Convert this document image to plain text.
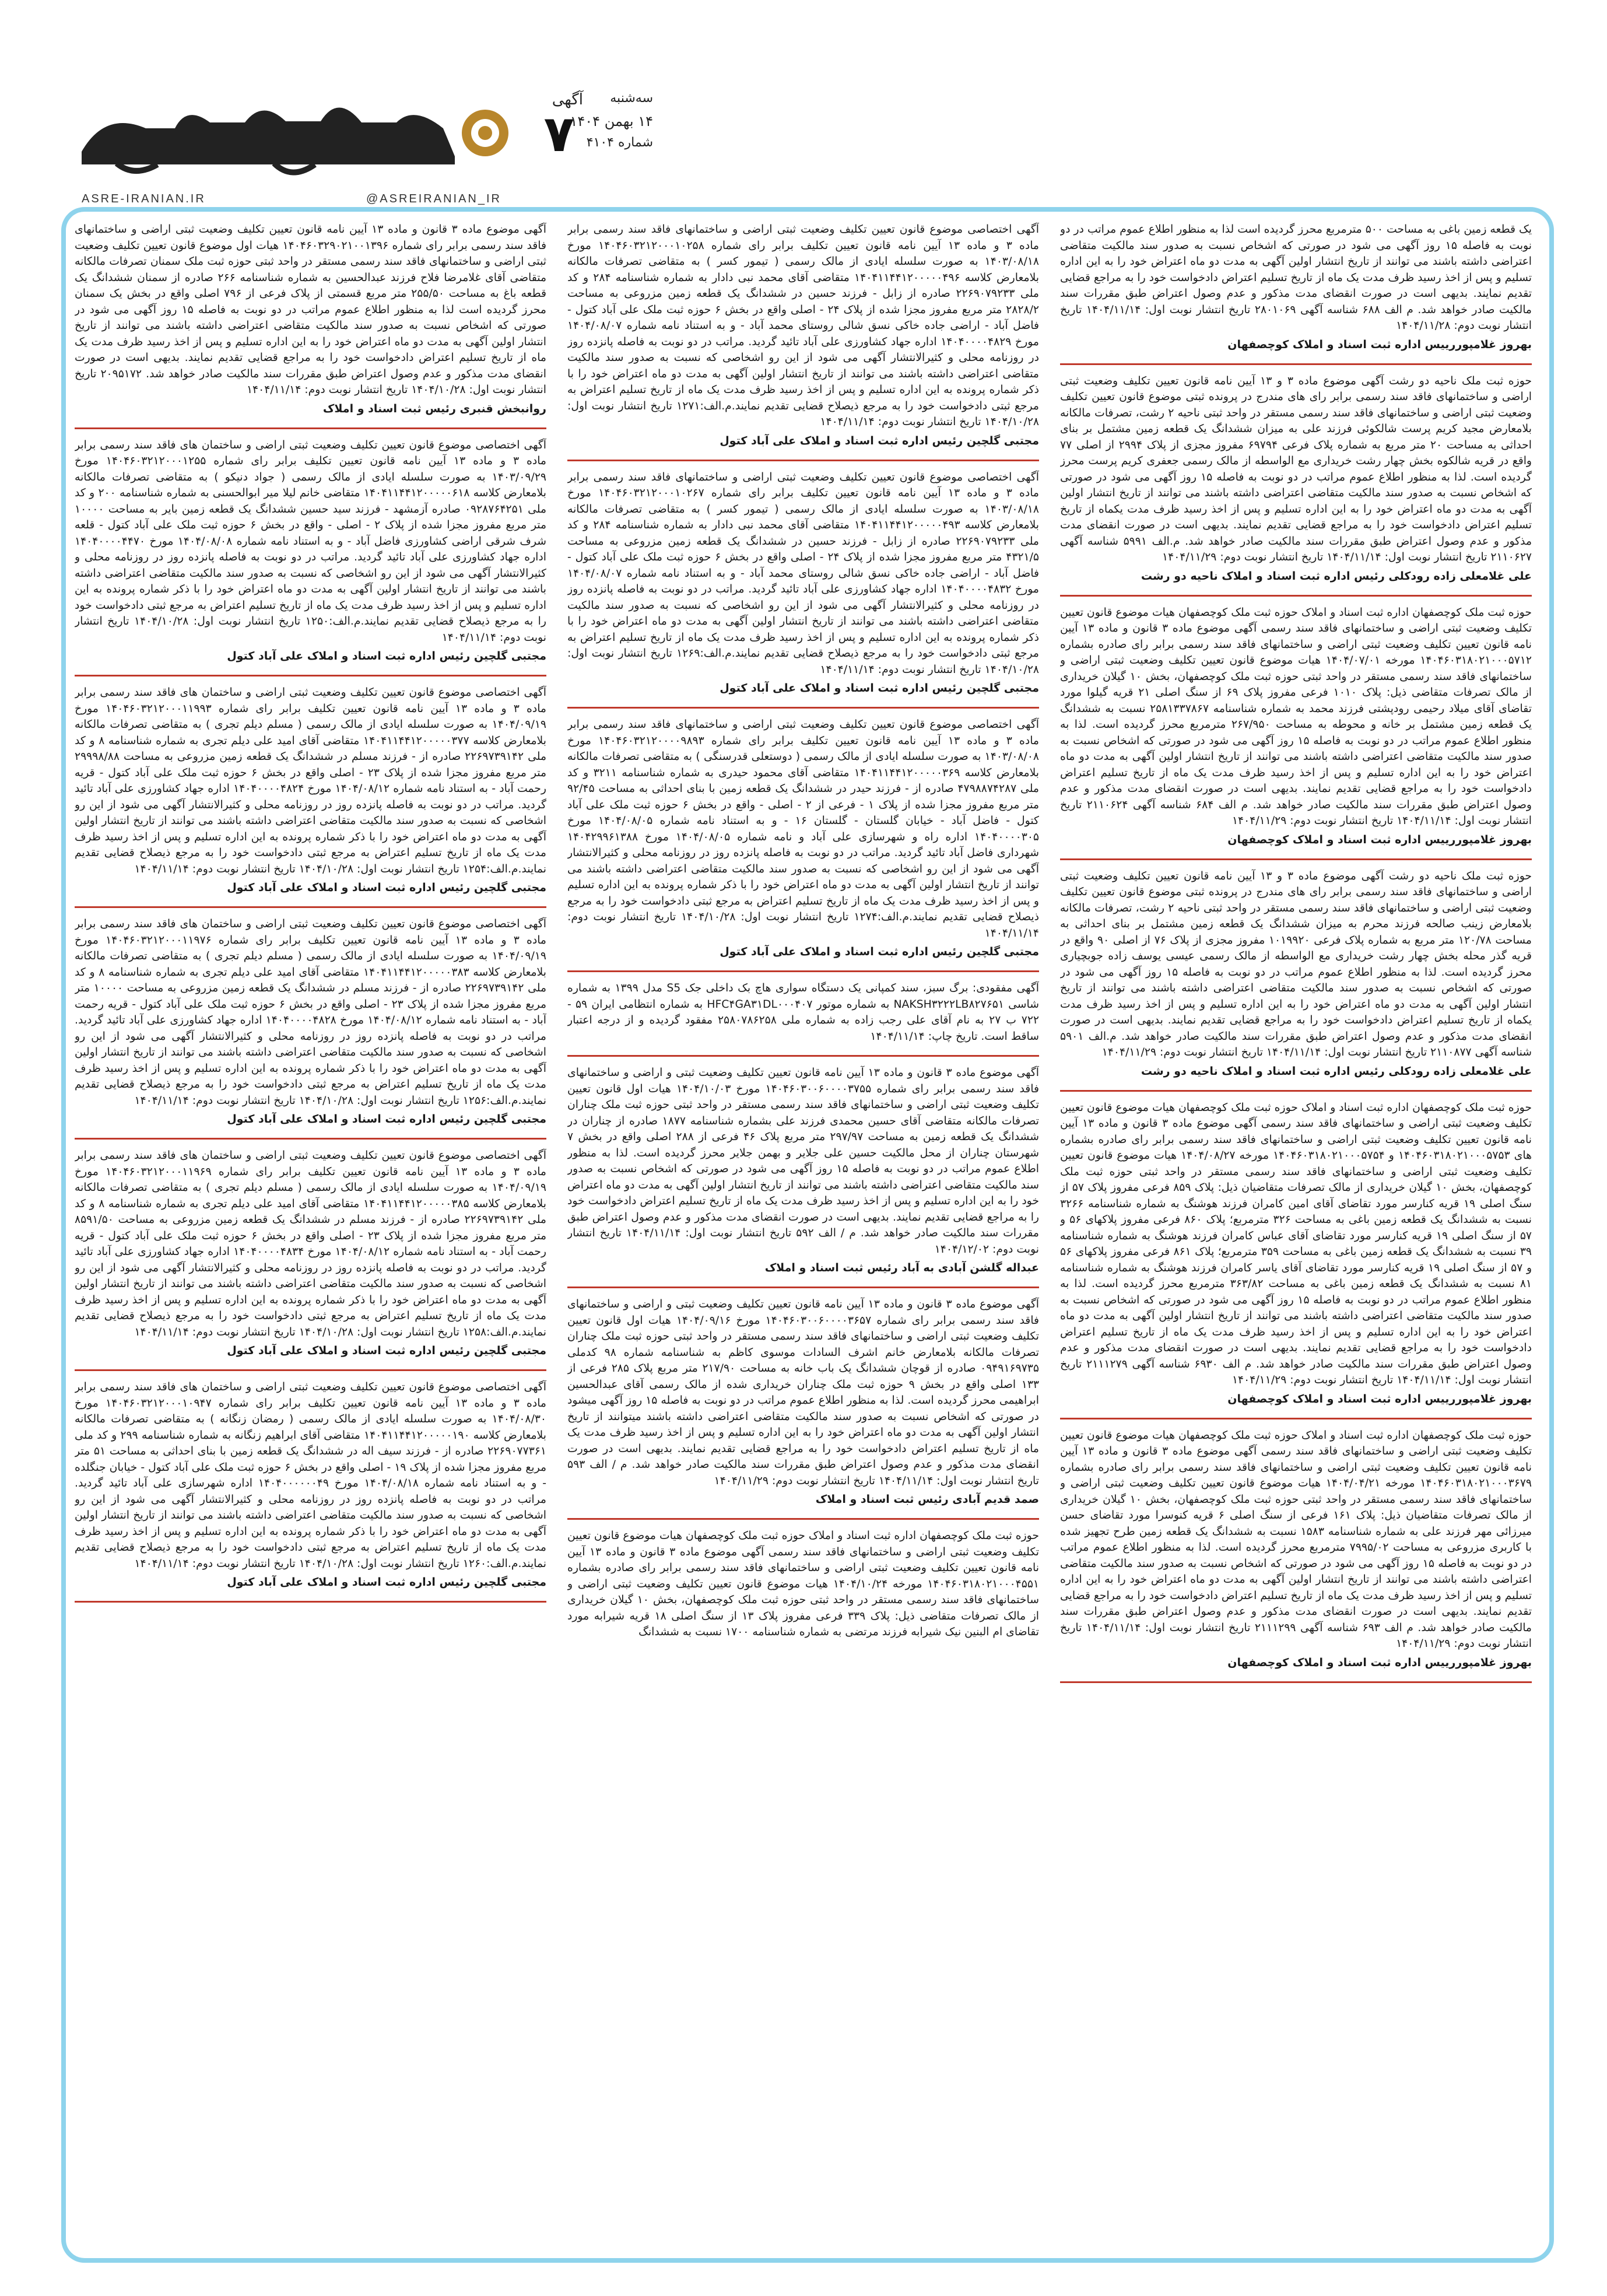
ASRE-IRANIAN.IR	@ASREIRANIAN_IR
۷
آگهی سه‌شنبه
۱۴ بهمن ۱۴۰۴
شماره ۴۱۰۴

آگهی موضوع ماده ۳ قانون و ماده ۱۳ آیین نامه قانون تعیین تکلیف وضعیت ثبتی اراضی و ساختمانهای فاقد سند رسمی برابر رای شماره ۱۴۰۴۶۰۳۲۹۰۲۱۰۰۱۳۹۶ هیات اول موضوع قانون تعیین تکلیف وضعیت ثبتی اراضی و ساختمانهای فاقد سند رسمی مستقر در واحد ثبتی حوزه ثبت ملک سمنان تصرفات مالکانه متقاضی آقای غلامرضا فلاح فرزند عبدالحسین به شماره شناسنامه ۲۶۶ صادره از سمنان ششدانگ یک قطعه باغ به مساحت ۲۵۵/۵۰ متر مربع قسمتی از پلاک فرعی از ۷۹۶ اصلی واقع در بخش یک سمنان محرز گردیده است لذا به منظور اطلاع عموم مراتب در دو نوبت به فاصله ۱۵ روز آگهی می شود در صورتی که اشخاص نسبت به صدور سند مالکیت متقاضی اعتراضی داشته باشند می توانند از تاریخ انتشار اولین آگهی به مدت دو ماه اعتراض خود را به این اداره تسلیم و پس از اخذ رسید ظرف مدت یک ماه از تاریخ تسلیم اعتراض دادخواست خود را به مراجع قضایی تقدیم نمایند. بدیهی است در صورت انقضای مدت مذکور و عدم وصول اعتراض طبق مقررات سند مالکیت صادر خواهد شد. ۲۰۹۵۱۷۲ تاریخ انتشار نوبت اول: ۱۴۰۴/۱۰/۲۸ تاریخ انتشار نوبت دوم: ۱۴۰۴/۱۱/۱۴

روانبخش قنبری رئیس ثبت اسناد و املاک

آگهی اختصاصی موضوع قانون تعیین تکلیف وضعیت ثبتی اراضی و ساختمان های فاقد سند رسمی برابر ماده ۳ و ماده ۱۳ آیین نامه قانون تعیین تکلیف برابر رای شماره ۱۴۰۴۶۰۳۲۱۲۰۰۰۱۲۵۵ مورخ ۱۴۰۳/۰۹/۲۹ به صورت سلسله ایادی از مالک رسمی ( جواد دنیکو ) به متقاضی تصرفات مالکانه بلامعارض کلاسه ۱۴۰۴۱۱۴۴۱۲۰۰۰۰۰۶۱۸ متقاضی خانم لیلا میر ابوالحسنی به شماره شناسنامه ۲۰۰ و کد ملی ۰۹۲۸۷۶۴۲۵۱ صادره آزمشهد - فرزند سید حسین ششدانگ یک قطعه زمین بایر به مساحت ۱۰۰۰۰ متر مربع مفروز مجزا شده از پلاک ۲ - اصلی - واقع در بخش ۶ حوزه ثبت ملک علی آباد کتول - قلعه شرف شرقی اراضی کشاورزی فاضل آباد - و به استناد نامه شماره ۱۴۰۴/۰۸/۰۸ مورخ ۱۴۰۴۰۰۰۰۴۴۷۰ اداره جهاد کشاورزی علی آباد تائید گردید. مراتب در دو نوبت به فاصله پانزده روز در روزنامه محلی و کثیرالانتشار آگهی می شود از این رو اشخاصی که نسبت به صدور سند مالکیت متقاضی اعتراضی داشته باشند می توانند از تاریخ انتشار اولین آگهی به مدت دو ماه اعتراض خود را با ذکر شماره پرونده به این اداره تسلیم و پس از اخذ رسید ظرف مدت یک ماه از تاریخ تسلیم اعتراض به مرجع ثبتی دادخواست خود را به مرجع ذیصلاح قضایی تقدیم نمایند.م.الف:۱۲۵۰ تاریخ انتشار نوبت اول: ۱۴۰۴/۱۰/۲۸ تاریخ انتشار نوبت دوم: ۱۴۰۴/۱۱/۱۴

مجتبی گلچین رئیس اداره ثبت اسناد و املاک علی آباد کتول

آگهی اختصاصی موضوع قانون تعیین تکلیف وضعیت ثبتی اراضی و ساختمان های فاقد سند رسمی برابر ماده ۳ و ماده ۱۳ آیین نامه قانون تعیین تکلیف برابر رای شماره ۱۴۰۴۶۰۳۲۱۲۰۰۰۱۱۹۹۳ مورخ ۱۴۰۴/۰۹/۱۹ به صورت سلسله ایادی از مالک رسمی ( مسلم دیلم تجری ) به متقاضی تصرفات مالکانه بلامعارض کلاسه ۱۴۰۴۱۱۴۴۱۲۰۰۰۰۰۳۷۷ متقاضی آقای امید علی دیلم تجری به شماره شناسنامه ۸ و کد ملی ۲۲۶۹۷۳۹۱۴۲ صادره از - فرزند مسلم در ششدانگ یک قطعه زمین مزروعی به مساحت ۲۹۹۹۸/۸۸ متر مربع مفروز مجزا شده از پلاک ۲۳ - اصلی واقع در بخش ۶ حوزه ثبت ملک علی آباد کتول - قریه رحمت آباد - به استناد نامه شماره ۱۴۰۴/۰۸/۱۲ مورخ ۱۴۰۴۰۰۰۰۴۸۲۴ اداره جهاد کشاورزی علی آباد تائید گردید. مراتب در دو نوبت به فاصله پانزده روز در روزنامه محلی و کثیرالانتشار آگهی می شود از این رو اشخاصی که نسبت به صدور سند مالکیت متقاضی اعتراضی داشته باشند می توانند از تاریخ انتشار اولین آگهی به مدت دو ماه اعتراض خود را با ذکر شماره پرونده به این اداره تسلیم و پس از اخذ رسید ظرف مدت یک ماه از تاریخ تسلیم اعتراض به مرجع ثبتی دادخواست خود را به مرجع ذیصلاح قضایی تقدیم نمایند.م.الف:۱۲۵۴ تاریخ انتشار نوبت اول: ۱۴۰۴/۱۰/۲۸ تاریخ انتشار نوبت دوم: ۱۴۰۴/۱۱/۱۴

مجتبی گلچین رئیس اداره ثبت اسناد و املاک علی آباد کتول

آگهی اختصاصی موضوع قانون تعیین تکلیف وضعیت ثبتی اراضی و ساختمان های فاقد سند رسمی برابر ماده ۳ و ماده ۱۳ آیین نامه قانون تعیین تکلیف برابر رای شماره ۱۴۰۴۶۰۳۲۱۲۰۰۰۱۱۹۷۶ مورخ ۱۴۰۴/۰۹/۱۹ به صورت سلسله ایادی از مالک رسمی ( مسلم دیلم تجری ) به متقاضی تصرفات مالکانه بلامعارض کلاسه ۱۴۰۴۱۱۴۴۱۲۰۰۰۰۰۳۸۳ متقاضی آقای امید علی دیلم تجری به شماره شناسنامه ۸ و کد ملی ۲۲۶۹۷۳۹۱۴۲ صادره از - فرزند مسلم در ششدانگ یک قطعه زمین مزروعی به مساحت ۱۰۰۰۰ متر مربع مفروز مجزا شده از پلاک ۲۳ - اصلی واقع در بخش ۶ حوزه ثبت ملک علی آباد کتول - قریه رحمت آباد - به استناد نامه شماره ۱۴۰۴/۰۸/۱۲ مورخ ۱۴۰۴۰۰۰۰۴۸۲۸ اداره جهاد کشاورزی علی آباد تائید گردید. مراتب در دو نوبت به فاصله پانزده روز در روزنامه محلی و کثیرالانتشار آگهی می شود از این رو اشخاصی که نسبت به صدور سند مالکیت متقاضی اعتراضی داشته باشند می توانند از تاریخ انتشار اولین آگهی به مدت دو ماه اعتراض خود را با ذکر شماره پرونده به این اداره تسلیم و پس از اخذ رسید ظرف مدت یک ماه از تاریخ تسلیم اعتراض به مرجع ثبتی دادخواست خود را به مرجع ذیصلاح قضایی تقدیم نمایند.م.الف:۱۲۵۶ تاریخ انتشار نوبت اول: ۱۴۰۴/۱۰/۲۸ تاریخ انتشار نوبت دوم: ۱۴۰۴/۱۱/۱۴

مجتبی گلچین رئیس اداره ثبت اسناد و املاک علی آباد کتول

آگهی اختصاصی موضوع قانون تعیین تکلیف وضعیت ثبتی اراضی و ساختمان های فاقد سند رسمی برابر ماده ۳ و ماده ۱۳ آیین نامه قانون تعیین تکلیف برابر رای شماره ۱۴۰۴۶۰۳۲۱۲۰۰۰۱۱۹۶۹ مورخ ۱۴۰۴/۰۹/۱۹ به صورت سلسله ایادی از مالک رسمی ( مسلم دیلم تجری ) به متقاضی تصرفات مالکانه بلامعارض کلاسه ۱۴۰۴۱۱۴۴۱۲۰۰۰۰۰۳۸۵ متقاضی آقای امید علی دیلم تجری به شماره شناسنامه ۸ و کد ملی ۲۲۶۹۷۳۹۱۴۲ صادره از - فرزند مسلم در ششدانگ یک قطعه زمین مزروعی به مساحت ۸۵۹۱/۵۰ متر مربع مفروز مجزا شده از پلاک ۲۳ - اصلی واقع در بخش ۶ حوزه ثبت ملک علی آباد کتول - قریه رحمت آباد - به استناد نامه شماره ۱۴۰۴/۰۸/۱۲ مورخ ۱۴۰۴۰۰۰۰۴۸۳۴ اداره جهاد کشاورزی علی آباد تائید گردید. مراتب در دو نوبت به فاصله پانزده روز در روزنامه محلی و کثیرالانتشار آگهی می شود از این رو اشخاصی که نسبت به صدور سند مالکیت متقاضی اعتراضی داشته باشند می توانند از تاریخ انتشار اولین آگهی به مدت دو ماه اعتراض خود را با ذکر شماره پرونده به این اداره تسلیم و پس از اخذ رسید ظرف مدت یک ماه از تاریخ تسلیم اعتراض به مرجع ثبتی دادخواست خود را به مرجع ذیصلاح قضایی تقدیم نمایند.م.الف:۱۲۵۸ تاریخ انتشار نوبت اول: ۱۴۰۴/۱۰/۲۸ تاریخ انتشار نوبت دوم: ۱۴۰۴/۱۱/۱۴

مجتبی گلچین رئیس اداره ثبت اسناد و املاک علی آباد کتول

آگهی اختصاصی موضوع قانون تعیین تکلیف وضعیت ثبتی اراضی و ساختمان های فاقد سند رسمی برابر ماده ۳ و ماده ۱۳ آیین نامه قانون تعیین تکلیف برابر رای شماره ۱۴۰۴۶۰۳۲۱۲۰۰۰۱۰۹۴۷ مورخ ۱۴۰۴/۰۸/۳۰ به صورت سلسله ایادی از مالک رسمی ( رمضان زنگانه ) به متقاضی تصرفات مالکانه بلامعارض کلاسه ۱۴۰۴۱۱۴۴۱۲۰۰۰۰۰۱۹۰ متقاضی آقای ابراهیم زنگانه به شماره شناسنامه ۲۹۹ و کد ملی ۲۲۶۹۰۷۷۳۶۱ صادره از - فرزند سیف اله در ششدانگ یک قطعه زمین با بنای احداثی به مساحت ۵۱ متر مربع مفروز مجزا شده از پلاک ۱۹ - اصلی واقع در بخش ۶ حوزه ثبت ملک علی آباد کتول - خیابان جنگلده - و به استناد نامه شماره ۱۴۰۴/۰۸/۱۸ مورخ ۱۴۰۴۰۰۰۰۰۰۴۹ اداره شهرسازی علی آباد تائید گردید. مراتب در دو نوبت به فاصله پانزده روز در روزنامه محلی و کثیرالانتشار آگهی می شود از این رو اشخاصی که نسبت به صدور سند مالکیت متقاضی اعتراضی داشته باشند می توانند از تاریخ انتشار اولین آگهی به مدت دو ماه اعتراض خود را با ذکر شماره پرونده به این اداره تسلیم و پس از اخذ رسید ظرف مدت یک ماه از تاریخ تسلیم اعتراض به مرجع ثبتی دادخواست خود را به مرجع ذیصلاح قضایی تقدیم نمایند.م.الف:۱۲۶۰ تاریخ انتشار نوبت اول: ۱۴۰۴/۱۰/۲۸ تاریخ انتشار نوبت دوم: ۱۴۰۴/۱۱/۱۴

مجتبی گلچین رئیس اداره ثبت اسناد و املاک علی آباد کتول

آگهی اختصاصی موضوع قانون تعیین تکلیف وضعیت ثبتی اراضی و ساختمانهای فاقد سند رسمی برابر ماده ۳ و ماده ۱۳ آیین نامه قانون تعیین تکلیف برابر رای شماره ۱۴۰۴۶۰۳۲۱۲۰۰۰۱۰۲۵۸ مورخ ۱۴۰۳/۰۸/۱۸ به صورت سلسله ایادی از مالک رسمی ( تیمور کسر ) به متقاضی تصرفات مالکانه بلامعارض کلاسه ۱۴۰۴۱۱۴۴۱۲۰۰۰۰۰۴۹۶ متقاضی آقای محمد نبی دادار به شماره شناسنامه ۲۸۴ و کد ملی ۲۲۶۹۰۷۹۲۳۳ صادره از زابل - فرزند حسین در ششدانگ یک قطعه زمین مزروعی به مساحت ۲۸۲۸/۲ متر مربع مفروز مجزا شده از پلاک ۲۴ - اصلی واقع در بخش ۶ حوزه ثبت ملک علی آباد کتول - فاضل آباد - اراضی جاده خاکی نسق شالی روستای محمد آباد - و به استناد نامه شماره ۱۴۰۴/۰۸/۰۷ مورخ ۱۴۰۴۰۰۰۰۴۸۲۹ اداره جهاد کشاورزی علی آباد تائید گردید. مراتب در دو نوبت به فاصله پانزده روز در روزنامه محلی و کثیرالانتشار آگهی می شود از این رو اشخاصی که نسبت به صدور سند مالکیت متقاضی اعتراضی داشته باشند می توانند از تاریخ انتشار اولین آگهی به مدت دو ماه اعتراض خود را با ذکر شماره پرونده به این اداره تسلیم و پس از اخذ رسید ظرف مدت یک ماه از تاریخ تسلیم اعتراض به مرجع ثبتی دادخواست خود را به مرجع ذیصلاح قضایی تقدیم نمایند.م.الف:۱۲۷۱ تاریخ انتشار نوبت اول: ۱۴۰۴/۱۰/۲۸ تاریخ انتشار نوبت دوم: ۱۴۰۴/۱۱/۱۴

مجتبی گلچین رئیس اداره ثبت اسناد و املاک علی آباد کتول

آگهی اختصاصی موضوع قانون تعیین تکلیف وضعیت ثبتی اراضی و ساختمانهای فاقد سند رسمی برابر ماده ۳ و ماده ۱۳ آیین نامه قانون تعیین تکلیف برابر رای شماره ۱۴۰۴۶۰۳۲۱۲۰۰۰۱۰۲۶۷ مورخ ۱۴۰۳/۰۸/۱۸ به صورت سلسله ایادی از مالک رسمی ( تیمور کسر ) به متقاضی تصرفات مالکانه بلامعارض کلاسه ۱۴۰۴۱۱۴۴۱۲۰۰۰۰۰۴۹۳ متقاضی آقای محمد نبی دادار به شماره شناسنامه ۲۸۴ و کد ملی ۲۲۶۹۰۷۹۲۳۳ صادره از زابل - فرزند حسین در ششدانگ یک قطعه زمین مزروعی به مساحت ۴۳۲۱/۵ متر مربع مفروز مجزا شده از پلاک ۲۴ - اصلی واقع در بخش ۶ حوزه ثبت ملک علی آباد کتول - فاضل آباد - اراضی جاده خاکی نسق شالی روستای محمد آباد - و به استناد نامه شماره ۱۴۰۴/۰۸/۰۷ مورخ ۱۴۰۴۰۰۰۰۴۸۳۲ اداره جهاد کشاورزی علی آباد تائید گردید. مراتب در دو نوبت به فاصله پانزده روز در روزنامه محلی و کثیرالانتشار آگهی می شود از این رو اشخاصی که نسبت به صدور سند مالکیت متقاضی اعتراضی داشته باشند می توانند از تاریخ انتشار اولین آگهی به مدت دو ماه اعتراض خود را با ذکر شماره پرونده به این اداره تسلیم و پس از اخذ رسید ظرف مدت یک ماه از تاریخ تسلیم اعتراض به مرجع ثبتی دادخواست خود را به مرجع ذیصلاح قضایی تقدیم نمایند.م.الف:۱۲۶۹ تاریخ انتشار نوبت اول: ۱۴۰۴/۱۰/۲۸ تاریخ انتشار نوبت دوم: ۱۴۰۴/۱۱/۱۴

مجتبی گلچین رئیس اداره ثبت اسناد و املاک علی آباد کتول

آگهی اختصاصی موضوع قانون تعیین تکلیف وضعیت ثبتی اراضی و ساختمانهای فاقد سند رسمی برابر ماده ۳ و ماده ۱۳ آیین نامه قانون تعیین تکلیف برابر رای شماره ۱۴۰۴۶۰۳۲۱۲۰۰۰۰۹۸۹۳ مورخ ۱۴۰۳/۰۸/۰۸ به صورت سلسله ایادی از مالک رسمی ( دوستعلی قدرسنگی ) به متقاضی تصرفات مالکانه بلامعارض کلاسه ۱۴۰۴۱۱۴۴۱۲۰۰۰۰۰۳۶۹ متقاضی آقای محمود حیدری به شماره شناسنامه ۳۲۱۱ و کد ملی ۴۷۹۸۸۷۴۲۸۷ صادره از - فرزند حیدر در ششدانگ یک قطعه زمین با بنای احداثی به مساحت ۹۲/۴۵ متر مربع مفروز مجزا شده از پلاک ۱ - فرعی از ۲ - اصلی - واقع در بخش ۶ حوزه ثبت ملک علی آباد کتول - فاضل آباد - خیابان گلستان - گلستان ۱۶ - و به استناد نامه شماره ۱۴۰۴/۰۸/۰۵ مورخ ۱۴۰۴۰۰۰۰۳۰۵ اداره راه و شهرسازی علی آباد و نامه شماره ۱۴۰۴/۰۸/۰۵ مورخ ۱۴۰۴۲۹۹۶۱۳۸۸ شهرداری فاضل آباد تائید گردید. مراتب در دو نوبت به فاصله پانزده روز در روزنامه محلی و کثیرالانتشار آگهی می شود از این رو اشخاصی که نسبت به صدور سند مالکیت متقاضی اعتراضی داشته باشند می توانند از تاریخ انتشار اولین آگهی به مدت دو ماه اعتراض خود را با ذکر شماره پرونده به این اداره تسلیم و پس از اخذ رسید ظرف مدت یک ماه از تاریخ تسلیم اعتراض به مرجع ثبتی دادخواست خود را به مرجع ذیصلاح قضایی تقدیم نمایند.م.الف:۱۲۷۴ تاریخ انتشار نوبت اول: ۱۴۰۴/۱۰/۲۸ تاریخ انتشار نوبت دوم: ۱۴۰۴/۱۱/۱۴

مجتبی گلچین رئیس اداره ثبت اسناد و املاک علی آباد کتول

آگهی مفقودی: برگ سبز، سند کمپانی یک دستگاه سواری هاچ بک داخلی جک S5 مدل ۱۳۹۹ به شماره شاسی NAKSH۳۲۲۲LB۸۲۷۶۵۱ به شماره موتور HFC۴GA۳۱DL۰۰۰۴۰۷ به شماره انتظامی ایران ۵۹ - ۷۲۲ ب ۲۷ به نام آقای علی رجب زاده به شماره ملی ۲۵۸۰۷۸۶۲۵۸ مفقود گردیده و از درجه اعتبار ساقط است. تاریخ چاپ: ۱۴۰۴/۱۱/۱۴

آگهی موضوع ماده ۳ قانون و ماده ۱۳ آیین نامه قانون تعیین تکلیف وضعیت ثبتی و اراضی و ساختمانهای فاقد سند رسمی برابر رای شماره ۱۴۰۴۶۰۳۰۰۶۰۰۰۰۳۷۵۵ مورخ ۱۴۰۴/۱۰/۰۳ هیات اول قانون تعیین تکلیف وضعیت ثبتی اراضی و ساختمانهای فاقد سند رسمی مستقر در واحد ثبتی حوزه ثبت ملک چناران تصرفات مالکانه متقاضی آقای حسین محمدی فرزند علی بشماره شناسنامه ۱۸۷۷ صادره از چناران در ششدانگ یک قطعه زمین به مساحت ۲۹۷/۹۷ متر مربع پلاک ۴۶ فرعی از ۲۸۸ اصلی واقع در بخش ۷ شهرستان چناران از محل مالکیت حسین علی جلایر و بهمن جلایر محرز گردیده است. لذا به منظور اطلاع عموم مراتب در دو نوبت به فاصله ۱۵ روز آگهی می شود در صورتی که اشخاص نسبت به صدور سند مالکیت متقاضی اعتراضی داشته باشند می توانند از تاریخ انتشار اولین آگهی به مدت دو ماه اعتراض خود را به این اداره تسلیم و پس از اخذ رسید ظرف مدت یک ماه از تاریخ تسلیم اعتراض دادخواست خود را به مراجع قضایی تقدیم نمایند. بدیهی است در صورت انقضای مدت مذکور و عدم وصول اعتراض طبق مقررات سند مالکیت صادر خواهد شد. م / الف ۵۹۲ تاریخ انتشار نوبت اول: ۱۴۰۴/۱۱/۱۴ تاریخ انتشار نوبت دوم: ۱۴۰۴/۱۲/۰۲

عبداله گلشن آبادی به آباد رئیس ثبت اسناد و املاک

آگهی موضوع ماده ۳ قانون و ماده ۱۳ آیین نامه قانون تعیین تکلیف وضعیت ثبتی و اراضی و ساختمانهای فاقد سند رسمی برابر رای شماره ۱۴۰۴۶۰۳۰۰۶۰۰۰۰۳۶۵۷ مورخ ۱۴۰۴/۰۹/۱۶ هیات اول قانون تعیین تکلیف وضعیت ثبتی اراضی و ساختمانهای فاقد سند رسمی مستقر در واحد ثبتی حوزه ثبت ملک چناران تصرفات مالکانه بلامعارض خانم اشرف السادات موسوی کاظم به شناسنامه شماره ۹۸ کدملی ۰۹۴۹۱۶۹۷۳۵ صادره از قوچان ششدانگ یک باب خانه به مساحت ۲۱۷/۹۰ متر مربع پلاک ۲۸۵ فرعی از ۱۳۳ اصلی واقع در بخش ۹ حوزه ثبت ملک چناران خریداری شده از مالک رسمی آقای عبدالحسین ابراهیمی محرز گردیده است. لذا به منظور اطلاع عموم مراتب در دو نوبت به فاصله ۱۵ روز آگهی میشود در صورتی که اشخاص نسبت به صدور سند مالکیت متقاضی اعتراضی داشته باشند میتوانند از تاریخ انتشار اولین آگهی به مدت دو ماه اعتراض خود را به این اداره تسلیم و پس از اخذ رسید ظرف مدت یک ماه از تاریخ تسلیم اعتراض دادخواست خود را به مراجع قضایی تقدیم نمایند. بدیهی است در صورت انقضای مدت مذکور و عدم وصول اعتراض طبق مقررات سند مالکیت صادر خواهد شد. م / الف ۵۹۳ تاریخ انتشار نوبت اول: ۱۴۰۴/۱۱/۱۴ تاریخ انتشار نوبت دوم: ۱۴۰۴/۱۱/۲۹

صمد قدیم آبادی رئیس ثبت اسناد و املاک

حوزه ثبت ملک کوچصفهان اداره ثبت اسناد و املاک حوزه ثبت ملک کوچصفهان هیات موضوع قانون تعیین تکلیف وضعیت ثبتی اراضی و ساختمانهای فاقد سند رسمی آگهی موضوع ماده ۳ قانون و ماده ۱۳ آیین نامه قانون تعیین تکلیف وضعیت ثبتی اراضی و ساختمانهای فاقد سند رسمی برابر رای صادره بشماره ۱۴۰۴۶۰۳۱۸۰۲۱۰۰۰۴۵۵۱ مورخه ۱۴۰۴/۱۰/۲۴ هیات موضوع قانون تعیین تکلیف وضعیت ثبتی اراضی و ساختمانهای فاقد سند رسمی مستقر در واحد ثبتی حوزه ثبت ملک کوچصفهان، بخش ۱۰ گیلان خریداری از مالک تصرفات متقاضی ذیل: پلاک ۳۳۹ فرعی مفروز پلاک ۱۳ از سنگ اصلی ۱۸ قریه شیرابه مورد تقاضای ام البنین نیک شیرابه فرزند مرتضی به شماره شناسنامه ۱۷۰۰ نسبت به ششدانگ

یک قطعه زمین باغی به مساحت ۵۰۰ مترمربع محرز گردیده است لذا به منظور اطلاع عموم مراتب در دو نوبت به فاصله ۱۵ روز آگهی می شود در صورتی که اشخاص نسبت به صدور سند مالکیت متقاضی اعتراضی داشته باشند می توانند از تاریخ انتشار اولین آگهی به مدت دو ماه اعتراض خود را به این اداره تسلیم و پس از اخذ رسید ظرف مدت یک ماه از تاریخ تسلیم اعتراض دادخواست خود را به مراجع قضایی تقدیم نمایند. بدیهی است در صورت انقضای مدت مذکور و عدم وصول اعتراض طبق مقررات سند مالکیت صادر خواهد شد. م الف ۶۸۸ شناسه آگهی ۲۸۰۱۰۶۹ تاریخ انتشار نوبت اول: ۱۴۰۴/۱۱/۱۴ تاریخ انتشار نوبت دوم: ۱۴۰۴/۱۱/۲۸

بهروز غلامپوررییس اداره ثبت اسناد و املاک کوچصفهان

حوزه ثبت ملک ناحیه دو رشت آگهی موضوع ماده ۳ و ۱۳ آیین نامه قانون تعیین تکلیف وضعیت ثبتی اراضی و ساختمانهای فاقد سند رسمی برابر رای های مندرج در پرونده ثبتی موضوع قانون تعیین تکلیف وضعیت ثبتی اراضی و ساختمانهای فاقد سند رسمی مستقر در واحد ثبتی ناحیه ۲ رشت، تصرفات مالکانه بلامعارض مجید کریم پرست شالکوئی فرزند علی به میزان ششدانگ یک قطعه زمین مشتمل بر بنای احداثی به مساحت ۲۰ متر مربع به شماره پلاک فرعی ۶۹۷۹۴ مفروز مجزی از پلاک ۲۹۹۴ از اصلی ۷۷ واقع در قریه شالکوه بخش چهار رشت خریداری مع الواسطه از مالک رسمی جعفری کریم پرست محرز گردیده است. لذا به منظور اطلاع عموم مراتب در دو نوبت به فاصله ۱۵ روز آگهی می شود در صورتی که اشخاص نسبت به صدور سند مالکیت متقاضی اعتراضی داشته باشند می توانند از تاریخ انتشار اولین آگهی به مدت دو ماه اعتراض خود را به این اداره تسلیم و پس از اخذ رسید ظرف مدت یکماه از تاریخ تسلیم اعتراض دادخواست خود را به مراجع قضایی تقدیم نمایند. بدیهی است در صورت انقضای مدت مذکور و عدم وصول اعتراض طبق مقررات سند مالکیت صادر خواهد شد. م.الف ۵۹۹۱ شناسه آگهی ۲۱۱۰۶۲۷ تاریخ انتشار نوبت اول: ۱۴۰۴/۱۱/۱۴ تاریخ انتشار نوبت دوم: ۱۴۰۴/۱۱/۲۹

علی غلامعلی زاده رودکلی رئیس اداره ثبت اسناد و املاک ناحیه دو رشت

حوزه ثبت ملک کوچصفهان اداره ثبت اسناد و املاک حوزه ثبت ملک کوچصفهان هیات موضوع قانون تعیین تکلیف وضعیت ثبتی اراضی و ساختمانهای فاقد سند رسمی آگهی موضوع ماده ۳ قانون و ماده ۱۳ آیین نامه قانون تعیین تکلیف وضعیت ثبتی اراضی و ساختمانهای فاقد سند رسمی برابر رای صادره بشماره ۱۴۰۴۶۰۳۱۸۰۲۱۰۰۰۵۷۱۲ مورخه ۱۴۰۴/۰۷/۰۱ هیات موضوع قانون تعیین تکلیف وضعیت ثبتی اراضی و ساختمانهای فاقد سند رسمی مستقر در واحد ثبتی حوزه ثبت ملک کوچصفهان، بخش ۱۰ گیلان خریداری از مالک تصرفات متقاضی ذیل: پلاک ۱۰۱۰ فرعی مفروز پلاک ۶۹ از سنگ اصلی ۲۱ قریه گیلوا مورد تقاضای آقای میلاد رحیمی رودپشتی فرزند محمد به شماره شناسنامه ۲۵۸۱۳۳۷۸۶۷ نسبت به ششدانگ یک قطعه زمین مشتمل بر خانه و محوطه به مساحت ۲۶۷/۹۵۰ مترمربع محرز گردیده است. لذا به منظور اطلاع عموم مراتب در دو نوبت به فاصله ۱۵ روز آگهی می شود در صورتی که اشخاص نسبت به صدور سند مالکیت متقاضی اعتراضی داشته باشند می توانند از تاریخ انتشار اولین آگهی به مدت دو ماه اعتراض خود را به این اداره تسلیم و پس از اخذ رسید ظرف مدت یک ماه از تاریخ تسلیم اعتراض دادخواست خود را به مراجع قضایی تقدیم نمایند. بدیهی است در صورت انقضای مدت مذکور و عدم وصول اعتراض طبق مقررات سند مالکیت صادر خواهد شد. م الف ۶۸۴ شناسه آگهی ۲۱۱۰۶۲۴ تاریخ انتشار نوبت اول: ۱۴۰۴/۱۱/۱۴ تاریخ انتشار نوبت دوم: ۱۴۰۴/۱۱/۲۹

بهروز غلامپوررییس اداره ثبت اسناد و املاک کوچصفهان

حوزه ثبت ملک ناحیه دو رشت آگهی موضوع ماده ۳ و ۱۳ آیین نامه قانون تعیین تکلیف وضعیت ثبتی اراضی و ساختمانهای فاقد سند رسمی برابر رای های مندرج در پرونده ثبتی موضوع قانون تعیین تکلیف وضعیت ثبتی اراضی و ساختمانهای فاقد سند رسمی مستقر در واحد ثبتی ناحیه ۲ رشت، تصرفات مالکانه بلامعارض زینب صالحه فرزند محرم به میزان ششدانگ یک قطعه زمین مشتمل بر بنای احداثی به مساحت ۱۲۰/۷۸ متر مربع به شماره پلاک فرعی ۱۰۱۹۹۲۰ مفروز مجزی از پلاک ۷۶ از اصلی ۹۰ واقع در قریه گذر محله بخش چهار رشت خریداری مع الواسطه از مالک رسمی عیسی یوسف زاده جوبچیاری محرز گردیده است. لذا به منظور اطلاع عموم مراتب در دو نوبت به فاصله ۱۵ روز آگهی می شود در صورتی که اشخاص نسبت به صدور سند مالکیت متقاضی اعتراضی داشته باشند می توانند از تاریخ انتشار اولین آگهی به مدت دو ماه اعتراض خود را به این اداره تسلیم و پس از اخذ رسید ظرف مدت یکماه از تاریخ تسلیم اعتراض دادخواست خود را به مراجع قضایی تقدیم نمایند. بدیهی است در صورت انقضای مدت مذکور و عدم وصول اعتراض طبق مقررات سند مالکیت صادر خواهد شد. م.الف ۵۹۰۱ شناسه آگهی ۲۱۱۰۸۷۷ تاریخ انتشار نوبت اول: ۱۴۰۴/۱۱/۱۴ تاریخ انتشار نوبت دوم: ۱۴۰۴/۱۱/۲۹

علی غلامعلی زاده رودکلی رئیس اداره ثبت اسناد و املاک ناحیه دو رشت

حوزه ثبت ملک کوچصفهان اداره ثبت اسناد و املاک حوزه ثبت ملک کوچصفهان هیات موضوع قانون تعیین تکلیف وضعیت ثبتی اراضی و ساختمانهای فاقد سند رسمی آگهی موضوع ماده ۳ قانون و ماده ۱۳ آیین نامه قانون تعیین تکلیف وضعیت ثبتی اراضی و ساختمانهای فاقد سند رسمی برابر رای صادره بشماره های ۱۴۰۴۶۰۳۱۸۰۲۱۰۰۰۵۷۵۳ و ۱۴۰۴۶۰۳۱۸۰۲۱۰۰۰۵۷۵۴ مورخه ۱۴۰۴/۰۸/۲۷ هیات موضوع قانون تعیین تکلیف وضعیت ثبتی اراضی و ساختمانهای فاقد سند رسمی مستقر در واحد ثبتی حوزه ثبت ملک کوچصفهان، بخش ۱۰ گیلان خریداری از مالک تصرفات متقاضیان ذیل: پلاک ۸۵۹ فرعی مفروز پلاک ۵۷ از سنگ اصلی ۱۹ قریه کنارسر مورد تقاضای آقای امین کامران فرزند هوشنگ به شماره شناسنامه ۳۲۶۶ نسبت به ششدانگ یک قطعه زمین باغی به مساحت ۳۲۶ مترمربع؛ پلاک ۸۶۰ فرعی مفروز پلاکهای ۵۶ و ۵۷ از سنگ اصلی ۱۹ قریه کنارسر مورد تقاضای آقای عباس کامران فرزند هوشنگ به شماره شناسنامه ۳۹ نسبت به ششدانگ یک قطعه زمین باغی به مساحت ۳۵۹ مترمربع؛ پلاک ۸۶۱ فرعی مفروز پلاکهای ۵۶ و ۵۷ از سنگ اصلی ۱۹ قریه کنارسر مورد تقاضای آقای یاسر کامران فرزند هوشنگ به شماره شناسنامه ۸۱ نسبت به ششدانگ یک قطعه زمین باغی به مساحت ۳۶۳/۸۲ مترمربع محرز گردیده است. لذا به منظور اطلاع عموم مراتب در دو نوبت به فاصله ۱۵ روز آگهی می شود در صورتی که اشخاص نسبت به صدور سند مالکیت متقاضی اعتراضی داشته باشند می توانند از تاریخ انتشار اولین آگهی به مدت دو ماه اعتراض خود را به این اداره تسلیم و پس از اخذ رسید ظرف مدت یک ماه از تاریخ تسلیم اعتراض دادخواست خود را به مراجع قضایی تقدیم نمایند. بدیهی است در صورت انقضای مدت مذکور و عدم وصول اعتراض طبق مقررات سند مالکیت صادر خواهد شد. م الف ۶۹۳۰ شناسه آگهی ۲۱۱۱۲۷۹ تاریخ انتشار نوبت اول: ۱۴۰۴/۱۱/۱۴ تاریخ انتشار نوبت دوم: ۱۴۰۴/۱۱/۲۹

بهروز غلامپوررییس اداره ثبت اسناد و املاک کوچصفهان

حوزه ثبت ملک کوچصفهان اداره ثبت اسناد و املاک حوزه ثبت ملک کوچصفهان هیات موضوع قانون تعیین تکلیف وضعیت ثبتی اراضی و ساختمانهای فاقد سند رسمی آگهی موضوع ماده ۳ قانون و ماده ۱۳ آیین نامه قانون تعیین تکلیف وضعیت ثبتی اراضی و ساختمانهای فاقد سند رسمی برابر رای صادره بشماره ۱۴۰۴۶۰۳۱۸۰۲۱۰۰۰۳۶۷۹ مورخه ۱۴۰۴/۰۴/۲۱ هیات موضوع قانون تعیین تکلیف وضعیت ثبتی اراضی و ساختمانهای فاقد سند رسمی مستقر در واحد ثبتی حوزه ثبت ملک کوچصفهان، بخش ۱۰ گیلان خریداری از مالک تصرفات متقاضیان ذیل: پلاک ۱۶۱ فرعی از سنگ اصلی ۶ قریه کنوسرا مورد تقاضای حسن میرزائی مهر فرزند علی به شماره شناسنامه ۱۵۸۳ نسبت به ششدانگ یک قطعه زمین طرح تجهیز شده با کاربری مزروعی به مساحت ۷۹۹۵/۰۲ مترمربع محرز گردیده است. لذا به منظور اطلاع عموم مراتب در دو نوبت به فاصله ۱۵ روز آگهی می شود در صورتی که اشخاص نسبت به صدور سند مالکیت متقاضی اعتراضی داشته باشند می توانند از تاریخ انتشار اولین آگهی به مدت دو ماه اعتراض خود را به این اداره تسلیم و پس از اخذ رسید ظرف مدت یک ماه از تاریخ تسلیم اعتراض دادخواست خود را به مراجع قضایی تقدیم نمایند. بدیهی است در صورت انقضای مدت مذکور و عدم وصول اعتراض طبق مقررات سند مالکیت صادر خواهد شد. م الف ۶۹۳ شناسه آگهی ۲۱۱۱۲۹۹ تاریخ انتشار نوبت اول: ۱۴۰۴/۱۱/۱۴ تاریخ انتشار نوبت دوم: ۱۴۰۴/۱۱/۲۹

بهروز غلامپوررییس اداره ثبت اسناد و املاک کوچصفهان
